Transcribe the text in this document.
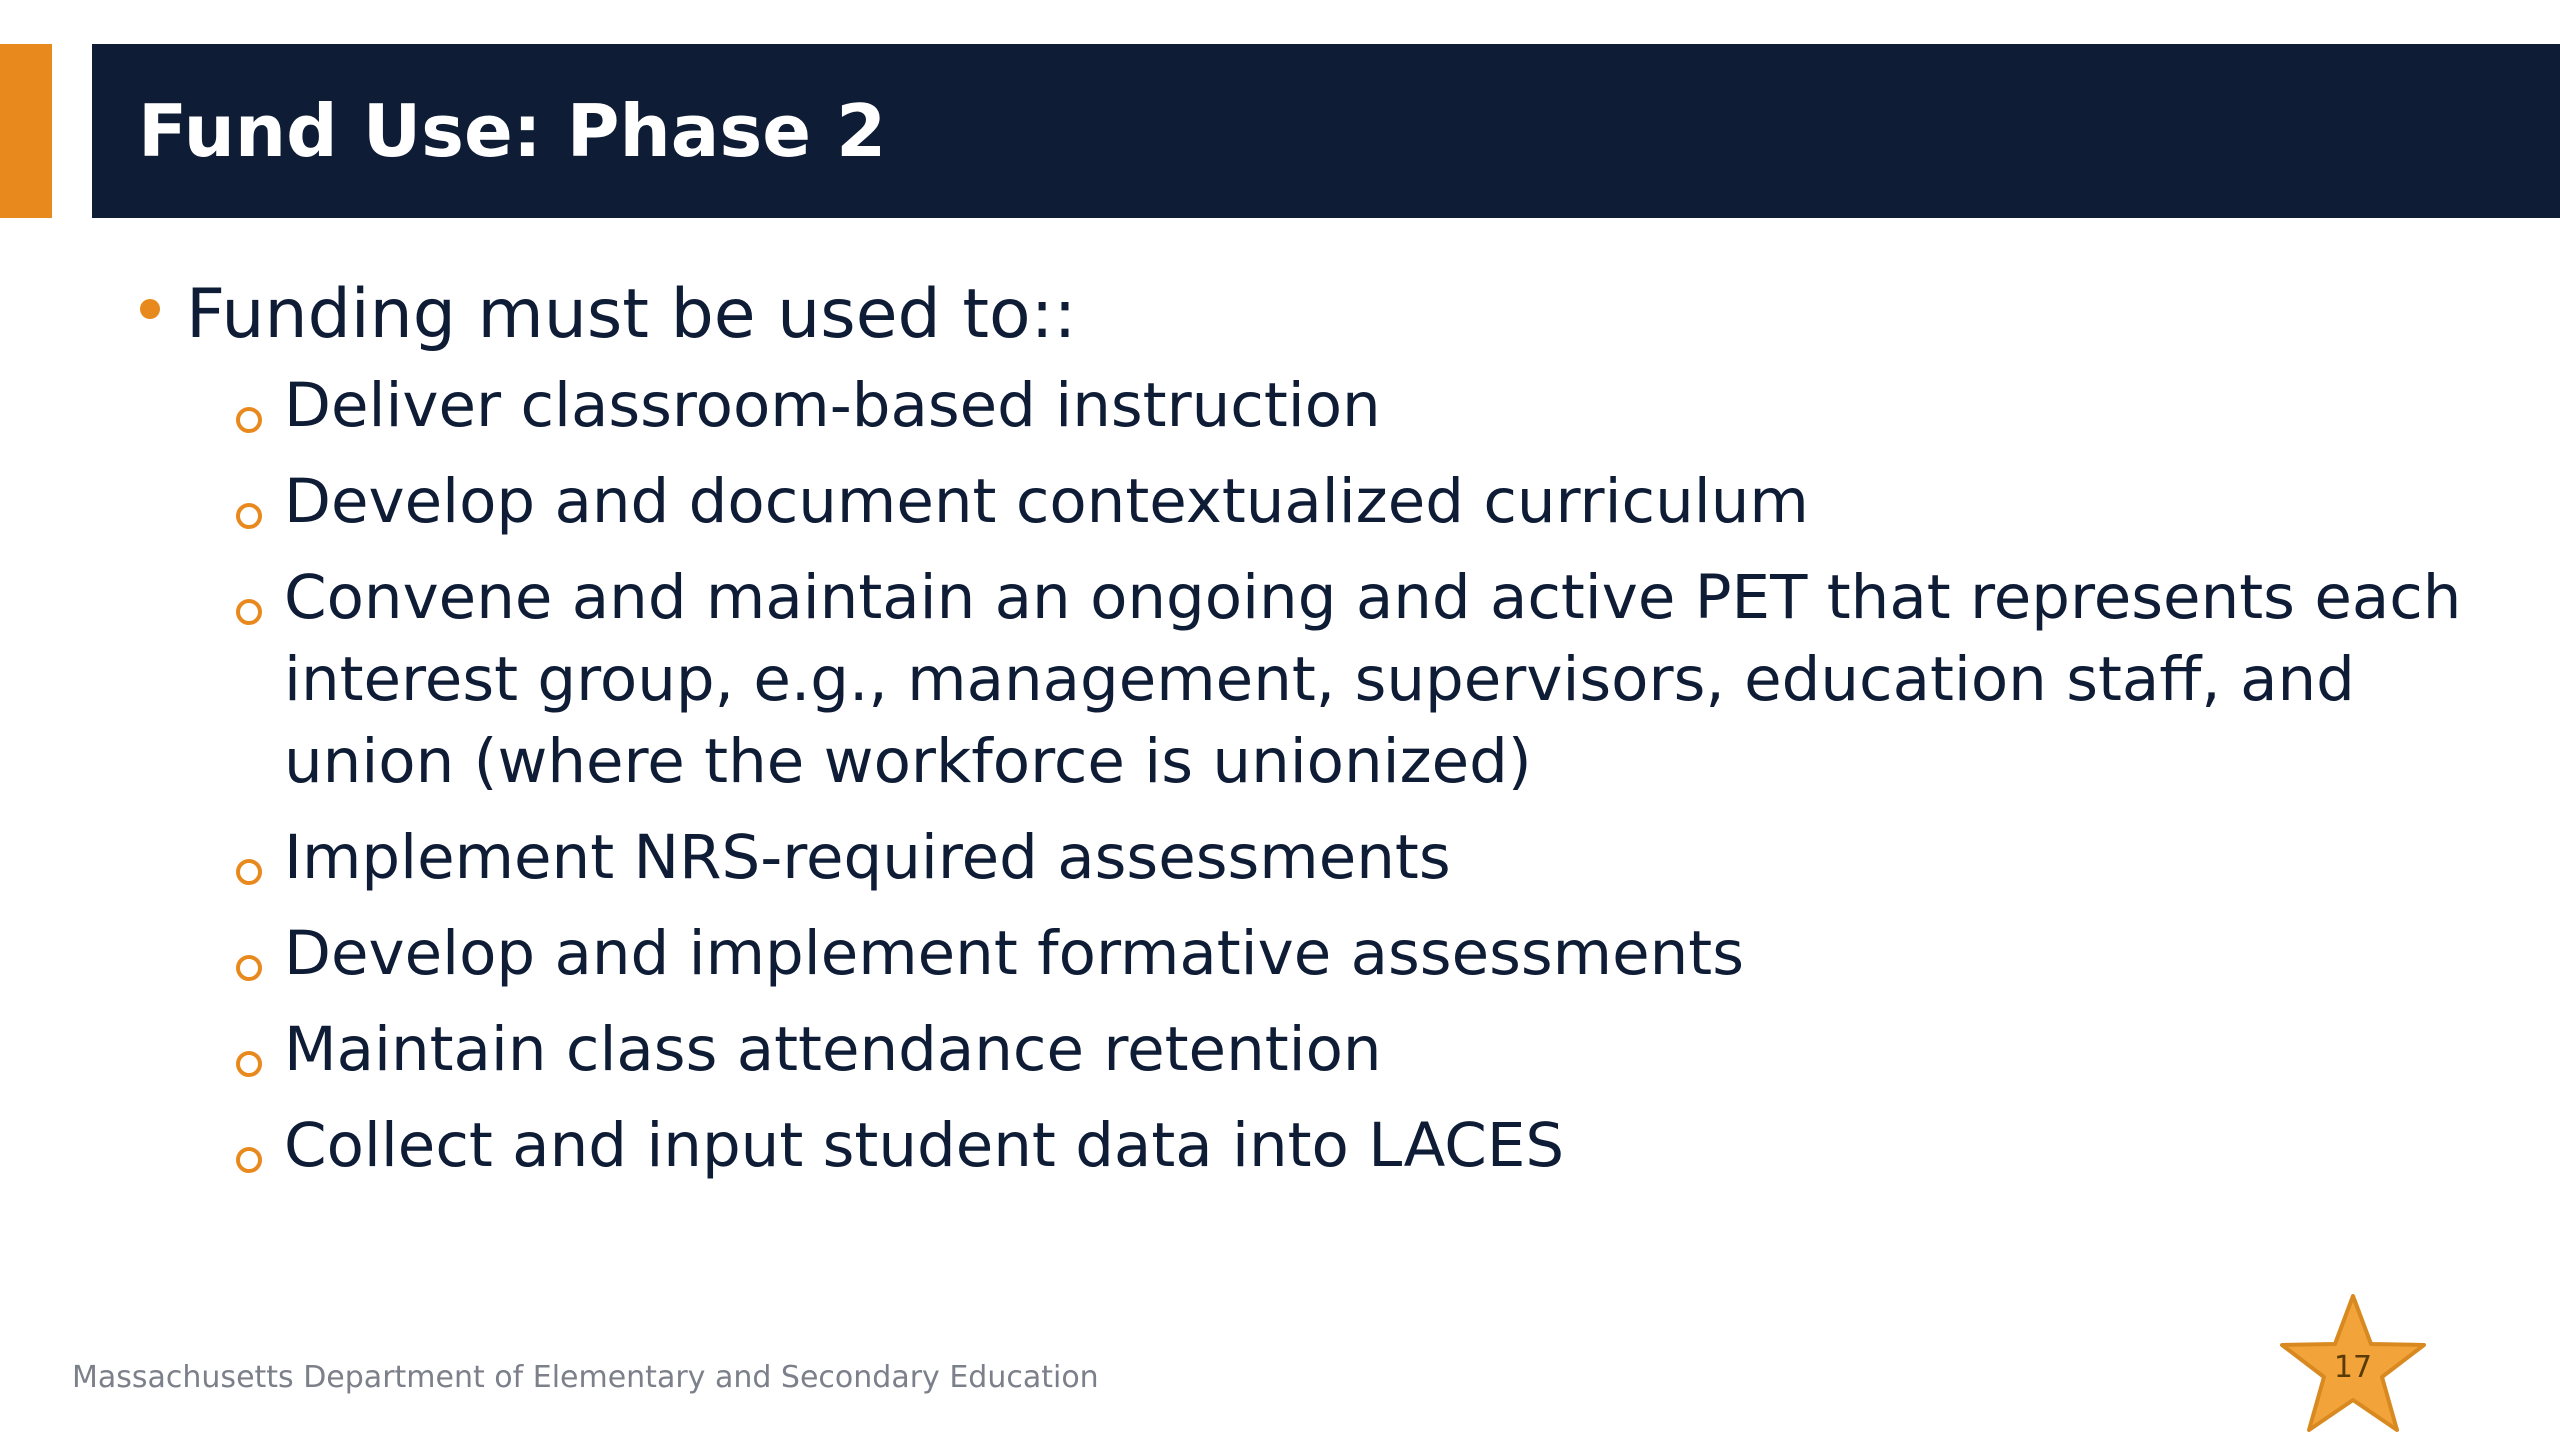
Fund Use: Phase 2
Funding must be used to::
Deliver classroom-based instruction
Develop and document contextualized curriculum
Convene and maintain an ongoing and active PET that represents each interest group, e.g., management, supervisors, education staff, and union (where the workforce is unionized)
Implement NRS-required assessments
Develop and implement formative assessments
Maintain class attendance retention
Collect and input student data into LACES
Massachusetts Department of Elementary and Secondary Education	17
